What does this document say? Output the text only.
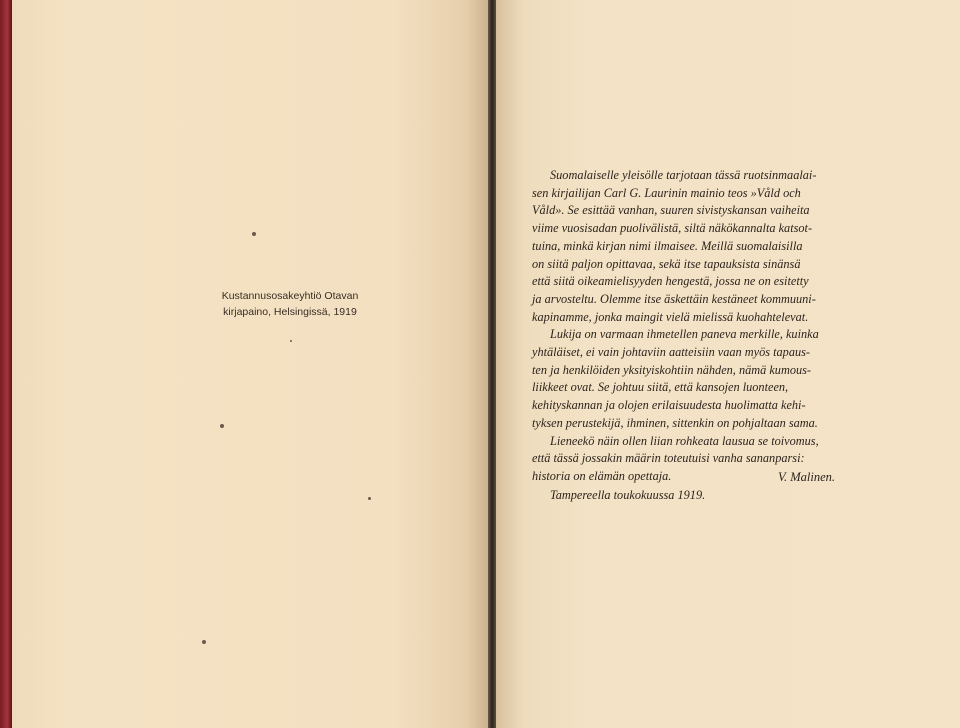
Kustannusosakeyhtiö Otavan
kirjapaino, Helsingissä, 1919
Suomalaiselle yleisölle tarjotaan tässä ruotsinmaalai-
sen kirjailijan Carl G. Laurinin mainio teos »Våld och
Våld». Se esittää vanhan, suuren sivistyskansan vaiheita
viime vuosisadan puolivälistä, siltä näkökannalta katsot-
tuina, minkä kirjan nimi ilmaisee. Meillä suomalaisilla
on siitä paljon opittavaa, sekä itse tapauksista sinänsä
että siitä oikeamielisyyden hengestä, jossa ne on esitetty
ja arvosteltu. Olemme itse äskettäin kestäneet kommuuni-
kapinamme, jonka maingit vielä mielissä kuohahtelevat.
Lukija on varmaan ihmetellen panevа merkille, kuinka
yhtäläiset, ei vain johtaviin aatteisiin vaan myös tapaus-
ten ja henkilöiden yksityiskohtiin nähden, nämä kumous-
liikkeet ovat. Se johtuu siitä, että kansojen luonteen,
kehityskannan ja olojen erilaisuudesta huolimatta kehi-
tyksen perustekijä, ihminen, sittenkin on pohjaltaan sama.
Lieneekö näin ollen liian rohkeata lausua se toivomus,
että tässä jossakin määrin toteutuisi vanha sananparsi:
historia on elämän opettaja.
Tampereella toukokuussa 1919.
V. Malinen.
